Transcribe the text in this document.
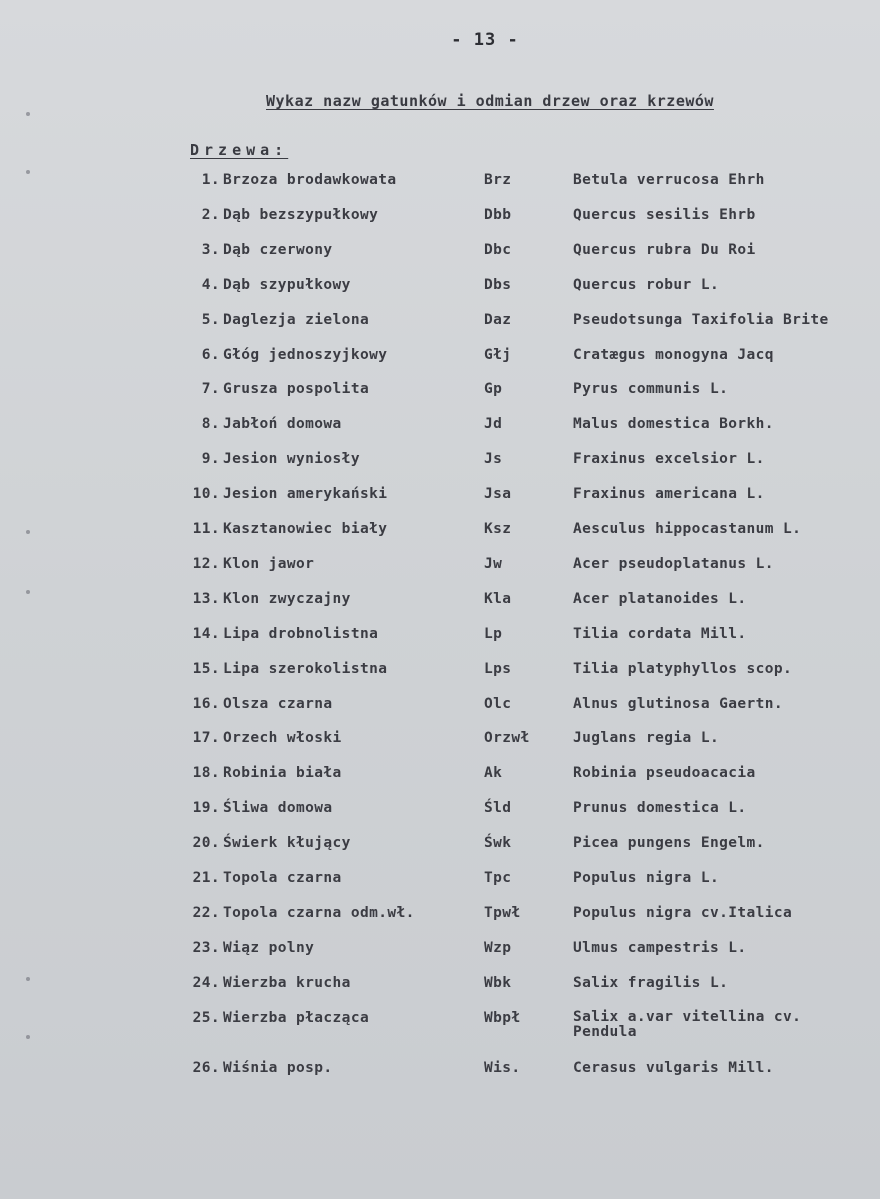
- 13 -
Wykaz nazw gatunków i odmian drzew oraz krzewów
Drzewa:
1. Brzoza brodawkowata	Brz	Betula verrucosa Ehrh
2. Dąb bezszypułkowy	Dbb	Quercus sesilis Ehrb
3. Dąb czerwony	Dbc	Quercus rubra Du Roi
4. Dąb szypułkowy	Dbs	Quercus robur L.
5. Daglezja zielona	Daz	Pseudotsunga Taxifolia Brite
6. Głóg jednoszyjkowy	Głj	Cratægus monogyna Jacq
7. Grusza pospolita	Gp	Pyrus communis L.
8. Jabłoń domowa	Jd	Malus domestica Borkh.
9. Jesion wyniosły	Js	Fraxinus excelsior L.
10. Jesion amerykański	Jsa	Fraxinus americana L.
11. Kasztanowiec biały	Ksz	Aesculus hippocastanum L.
12. Klon jawor	Jw	Acer pseudoplatanus L.
13. Klon zwyczajny	Kla	Acer platanoides L.
14. Lipa drobnolistna	Lp	Tilia cordata Mill.
15. Lipa szerokolistna	Lps	Tilia platyphyllos scop.
16. Olsza czarna	Olc	Alnus glutinosa Gaertn.
17. Orzech włoski	Orzwł	Juglans regia L.
18. Robinia biała	Ak	Robinia pseudoacacia
19. Śliwa domowa	Śld	Prunus domestica L.
20. Świerk kłujący	Śwk	Picea pungens Engelm.
21. Topola czarna	Tpc	Populus nigra L.
22. Topola czarna odm.wł.	Tpwł	Populus nigra cv.Italica
23. Wiąz polny	Wzp	Ulmus campestris L.
24. Wierzba krucha	Wbk	Salix fragilis L.
25. Wierzba płacząca	Wbpł	Salix a.var vitellina cv.
Pendula
26. Wiśnia posp.	Wis.	Cerasus vulgaris Mill.
